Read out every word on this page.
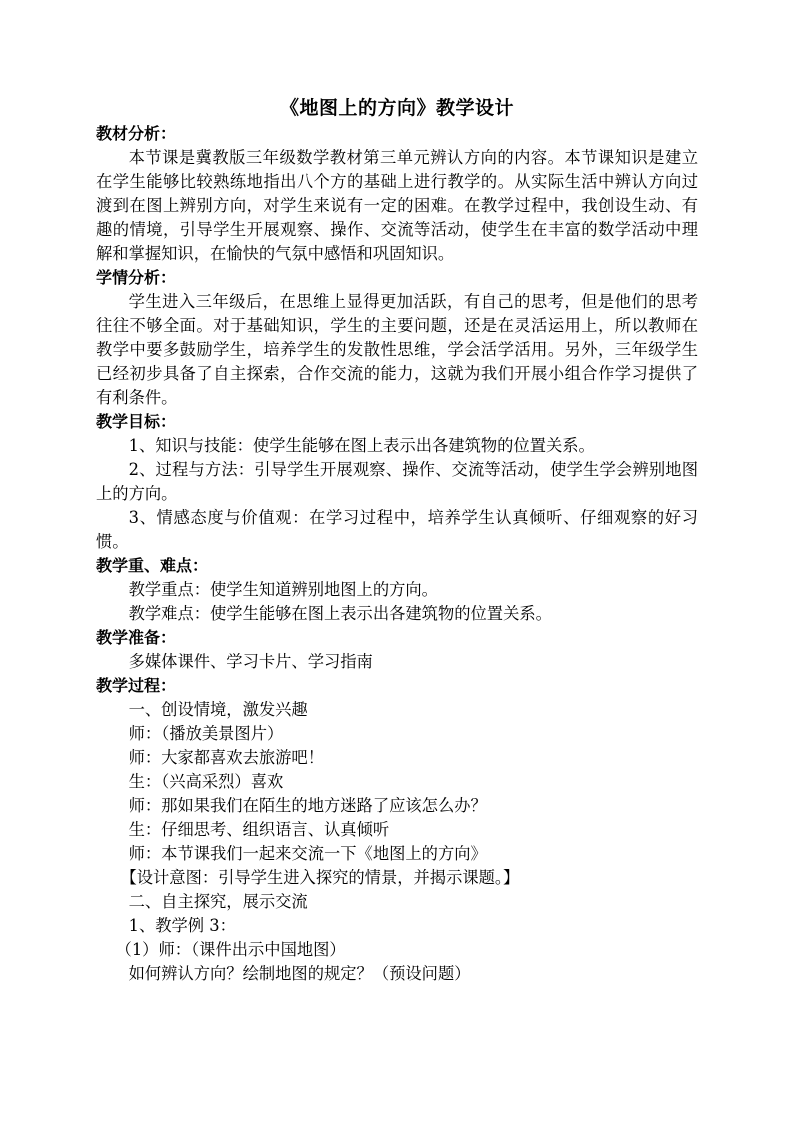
《地图上的方向》教学设计

教材分析：

本节课是冀教版三年级数学教材第三单元辨认方向的内容。本节课知识是建立在学生能够比较熟练地指出八个方的基础上进行教学的。从实际生活中辨认方向过渡到在图上辨别方向，对学生来说有一定的困难。在教学过程中，我创设生动、有趣的情境，引导学生开展观察、操作、交流等活动，使学生在丰富的数学活动中理解和掌握知识，在愉快的气氛中感悟和巩固知识。

学情分析：

学生进入三年级后，在思维上显得更加活跃，有自己的思考，但是他们的思考往往不够全面。对于基础知识，学生的主要问题，还是在灵活运用上，所以教师在教学中要多鼓励学生，培养学生的发散性思维，学会活学活用。另外，三年级学生已经初步具备了自主探索，合作交流的能力，这就为我们开展小组合作学习提供了有利条件。

教学目标：

1、知识与技能：使学生能够在图上表示出各建筑物的位置关系。

2、过程与方法：引导学生开展观察、操作、交流等活动，使学生学会辨别地图上的方向。

3、情感态度与价值观：在学习过程中，培养学生认真倾听、仔细观察的好习惯。

教学重、难点：

教学重点：使学生知道辨别地图上的方向。

教学难点：使学生能够在图上表示出各建筑物的位置关系。

教学准备：

多媒体课件、学习卡片、学习指南

教学过程：

一、创设情境，激发兴趣

师：（播放美景图片）

师：大家都喜欢去旅游吧！

生：（兴高采烈）喜欢

师：那如果我们在陌生的地方迷路了应该怎么办？

生：仔细思考、组织语言、认真倾听

师：本节课我们一起来交流一下《地图上的方向》

【设计意图：引导学生进入探究的情景，并揭示课题。】

二、自主探究，展示交流

1、教学例 3：

（1）师：（课件出示中国地图）

如何辨认方向？绘制地图的规定？（预设问题）
